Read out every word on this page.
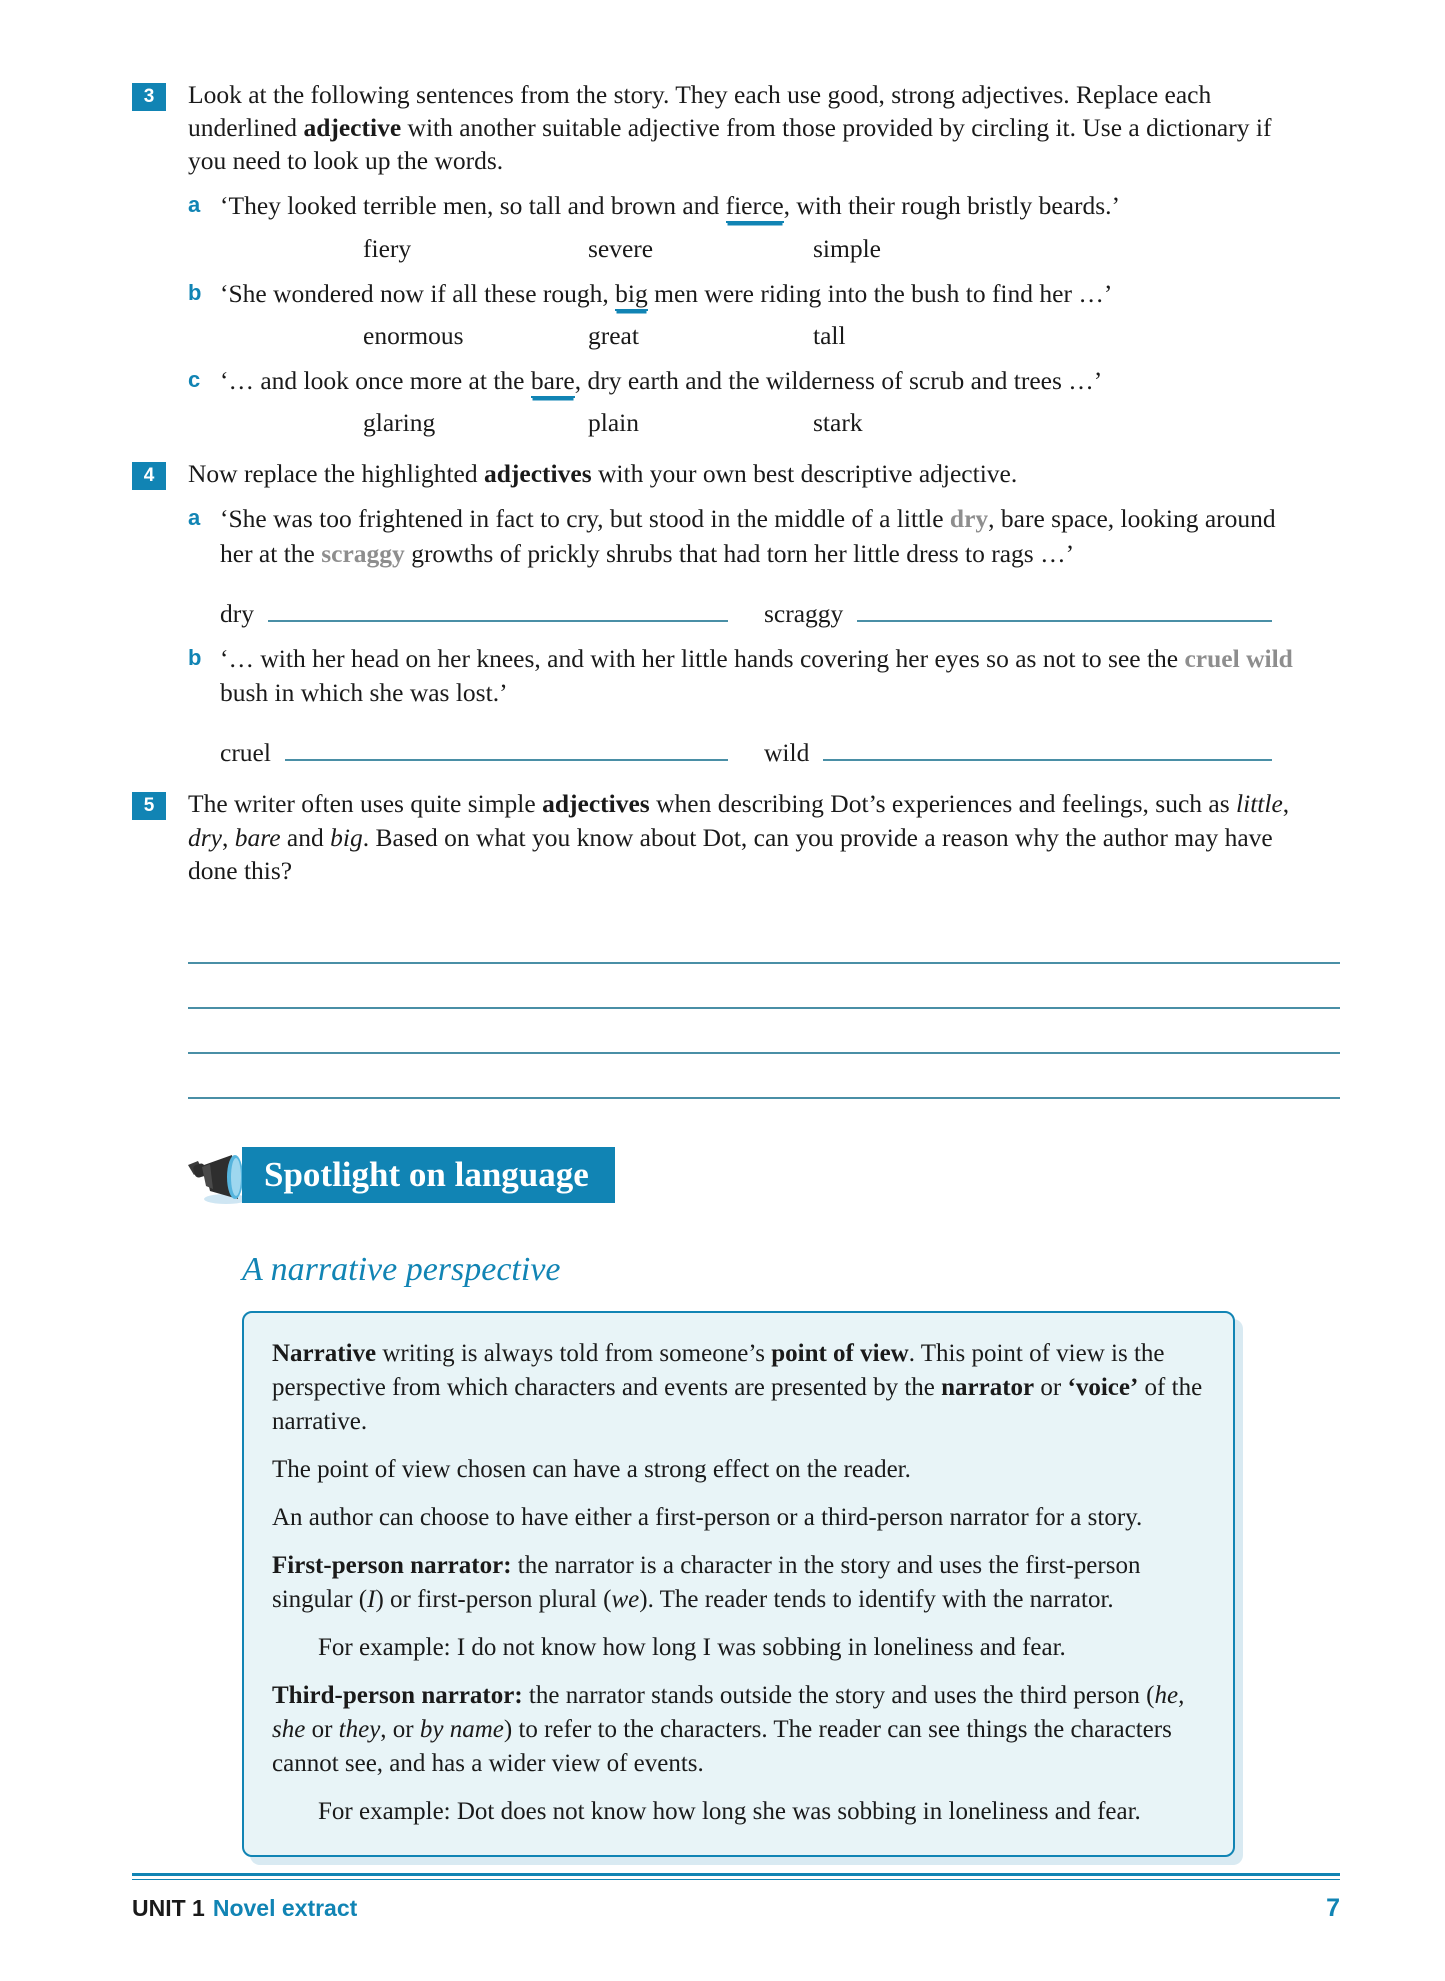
3	Look at the following sentences from the story. They each use good, strong adjectives. Replace each underlined adjective with another suitable adjective from those provided by circling it. Use a dictionary if you need to look up the words.
a ‘They looked terrible men, so tall and brown and fierce, with their rough bristly beards.’
fiery	severe	simple
b ‘She wondered now if all these rough, big men were riding into the bush to find her …’
enormous	great	tall
c ‘… and look once more at the bare, dry earth and the wilderness of scrub and trees …’
glaring	plain	stark
4	Now replace the highlighted adjectives with your own best descriptive adjective.
a ‘She was too frightened in fact to cry, but stood in the middle of a little dry, bare space, looking around her at the scraggy growths of prickly shrubs that had torn her little dress to rags …’
dry	scraggy
b ‘… with her head on her knees, and with her little hands covering her eyes so as not to see the cruel wild bush in which she was lost.’
cruel	wild
5	The writer often uses quite simple adjectives when describing Dot’s experiences and feelings, such as little, dry, bare and big. Based on what you know about Dot, can you provide a reason why the author may have done this?
Spotlight on language
A narrative perspective

Narrative writing is always told from someone’s point of view. This point of view is the perspective from which characters and events are presented by the narrator or ‘voice’ of the narrative.

The point of view chosen can have a strong effect on the reader.

An author can choose to have either a first-person or a third-person narrator for a story.

First-person narrator: the narrator is a character in the story and uses the first-person singular (I) or first-person plural (we). The reader tends to identify with the narrator.

For example: I do not know how long I was sobbing in loneliness and fear.

Third-person narrator: the narrator stands outside the story and uses the third person (he, she or they, or by name) to refer to the characters. The reader can see things the characters cannot see, and has a wider view of events.

For example: Dot does not know how long she was sobbing in loneliness and fear.

UNIT 1 Novel extract	7
